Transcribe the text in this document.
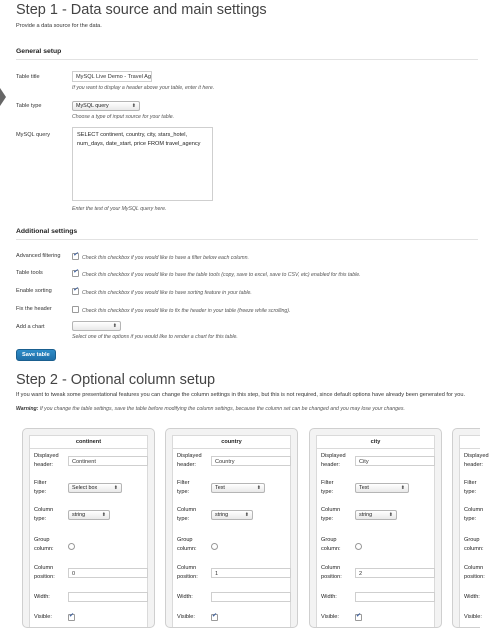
Step 1 - Data source and main settings
Provide a data source for the data.
General setup
Table title	MySQL Live Demo - Travel Ag
If you want to display a header above your table, enter it here.
Table type	MySQL query	⬍
Choose a type of input source for your table.
MySQL query	SELECT continent, country, city, stars_hotel,
num_days, date_start, price FROM travel_agency
Enter the text of your MySQL query here.
Additional settings
Advanced filtering ✔	Check this checkbox if you would like to have a filter below each column.
Table tools ✔	Check this checkbox if you would like to have the table tools (copy, save to excel, save to CSV, etc) enabled for this table.
Enable sorting ✔	Check this checkbox if you would like to have sorting feature in your table.
Fix the header	Check this checkbox if you would like to fix the header in your table (freeze while scrolling).
Add a chart	⬍
Select one of the options if you would like to render a chart for this table.
Save table
Step 2 - Optional column setup
If you want to tweak some presentational features you can change the column settings in this step, but this is not required, since default options have already been generated for you.
Warning: If you change the table settings, save the table before modifying the column settings, because the column set can be changed and you may lose your changes.
continent
Displayed
header:	Continent
Filter
type:
Select box	⬍
Column
type:
string	⬍
Group
column:
Column
position:	0
Width:
Visible:
✔
country
Displayed
header:	Country
Filter
type:
Text	⬍
Column
type:
string	⬍
Group
column:
Column
position:	1
Width:
Visible:
✔
city
Displayed
header:	City
Filter
type:
Text	⬍
Column
type:
string	⬍
Group
column:
Column
position:	2
Width:
Visible:
✔
Displayed
header:
Filter
type:
Column
type:
Group
column:
Column
position:
Width:
Visible:
